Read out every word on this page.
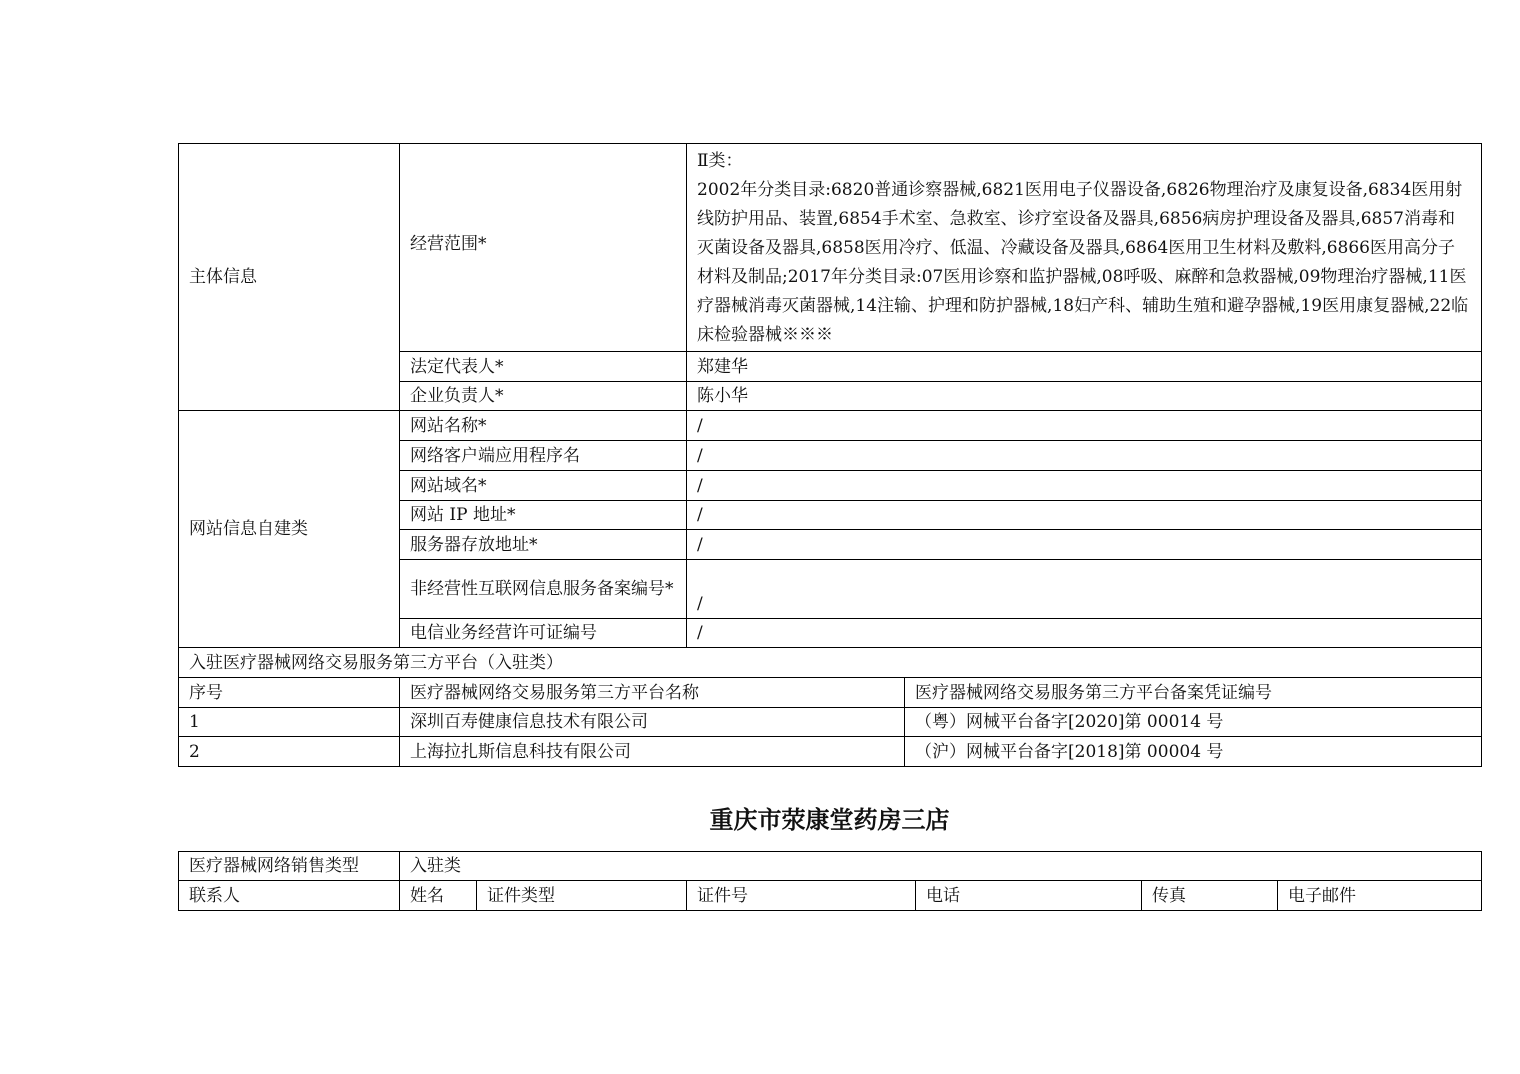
主体信息	经营范围*	Ⅱ类：
2002年分类目录:6820普通诊察器械,6821医用电子仪器设备,6826物理治疗及康复设备,6834医用射线防护用品、装置,6854手术室、急救室、诊疗室设备及器具,6856病房护理设备及器具,6857消毒和灭菌设备及器具,6858医用冷疗、低温、冷藏设备及器具,6864医用卫生材料及敷料,6866医用高分子材料及制品;2017年分类目录:07医用诊察和监护器械,08呼吸、麻醉和急救器械,09物理治疗器械,11医疗器械消毒灭菌器械,14注输、护理和防护器械,18妇产科、辅助生殖和避孕器械,19医用康复器械,22临床检验器械※※※	

	法定代表人*	郑建华	
	企业负责人*	陈小华	
网站信息自建类	网站名称*	/	
	网络客户端应用程序名	/	
	网站域名*	/	
	网站 IP 地址*	/	
	服务器存放地址*	/	
	非经营性互联网信息服务备案编号*	/	
	电信业务经营许可证编号	/	
入驻医疗器械网络交易服务第三方平台（入驻类）			
序号	医疗器械网络交易服务第三方平台名称		医疗器械网络交易服务第三方平台备案凭证编号
1	深圳百寿健康信息技术有限公司		（粤）网械平台备字[2020]第 00014 号
2	上海拉扎斯信息科技有限公司		（沪）网械平台备字[2018]第 00004 号
重庆市荥康堂药房三店
医疗器械网络销售类型	入驻类					
联系人	姓名	证件类型	证件号	电话	传真	电子邮件
